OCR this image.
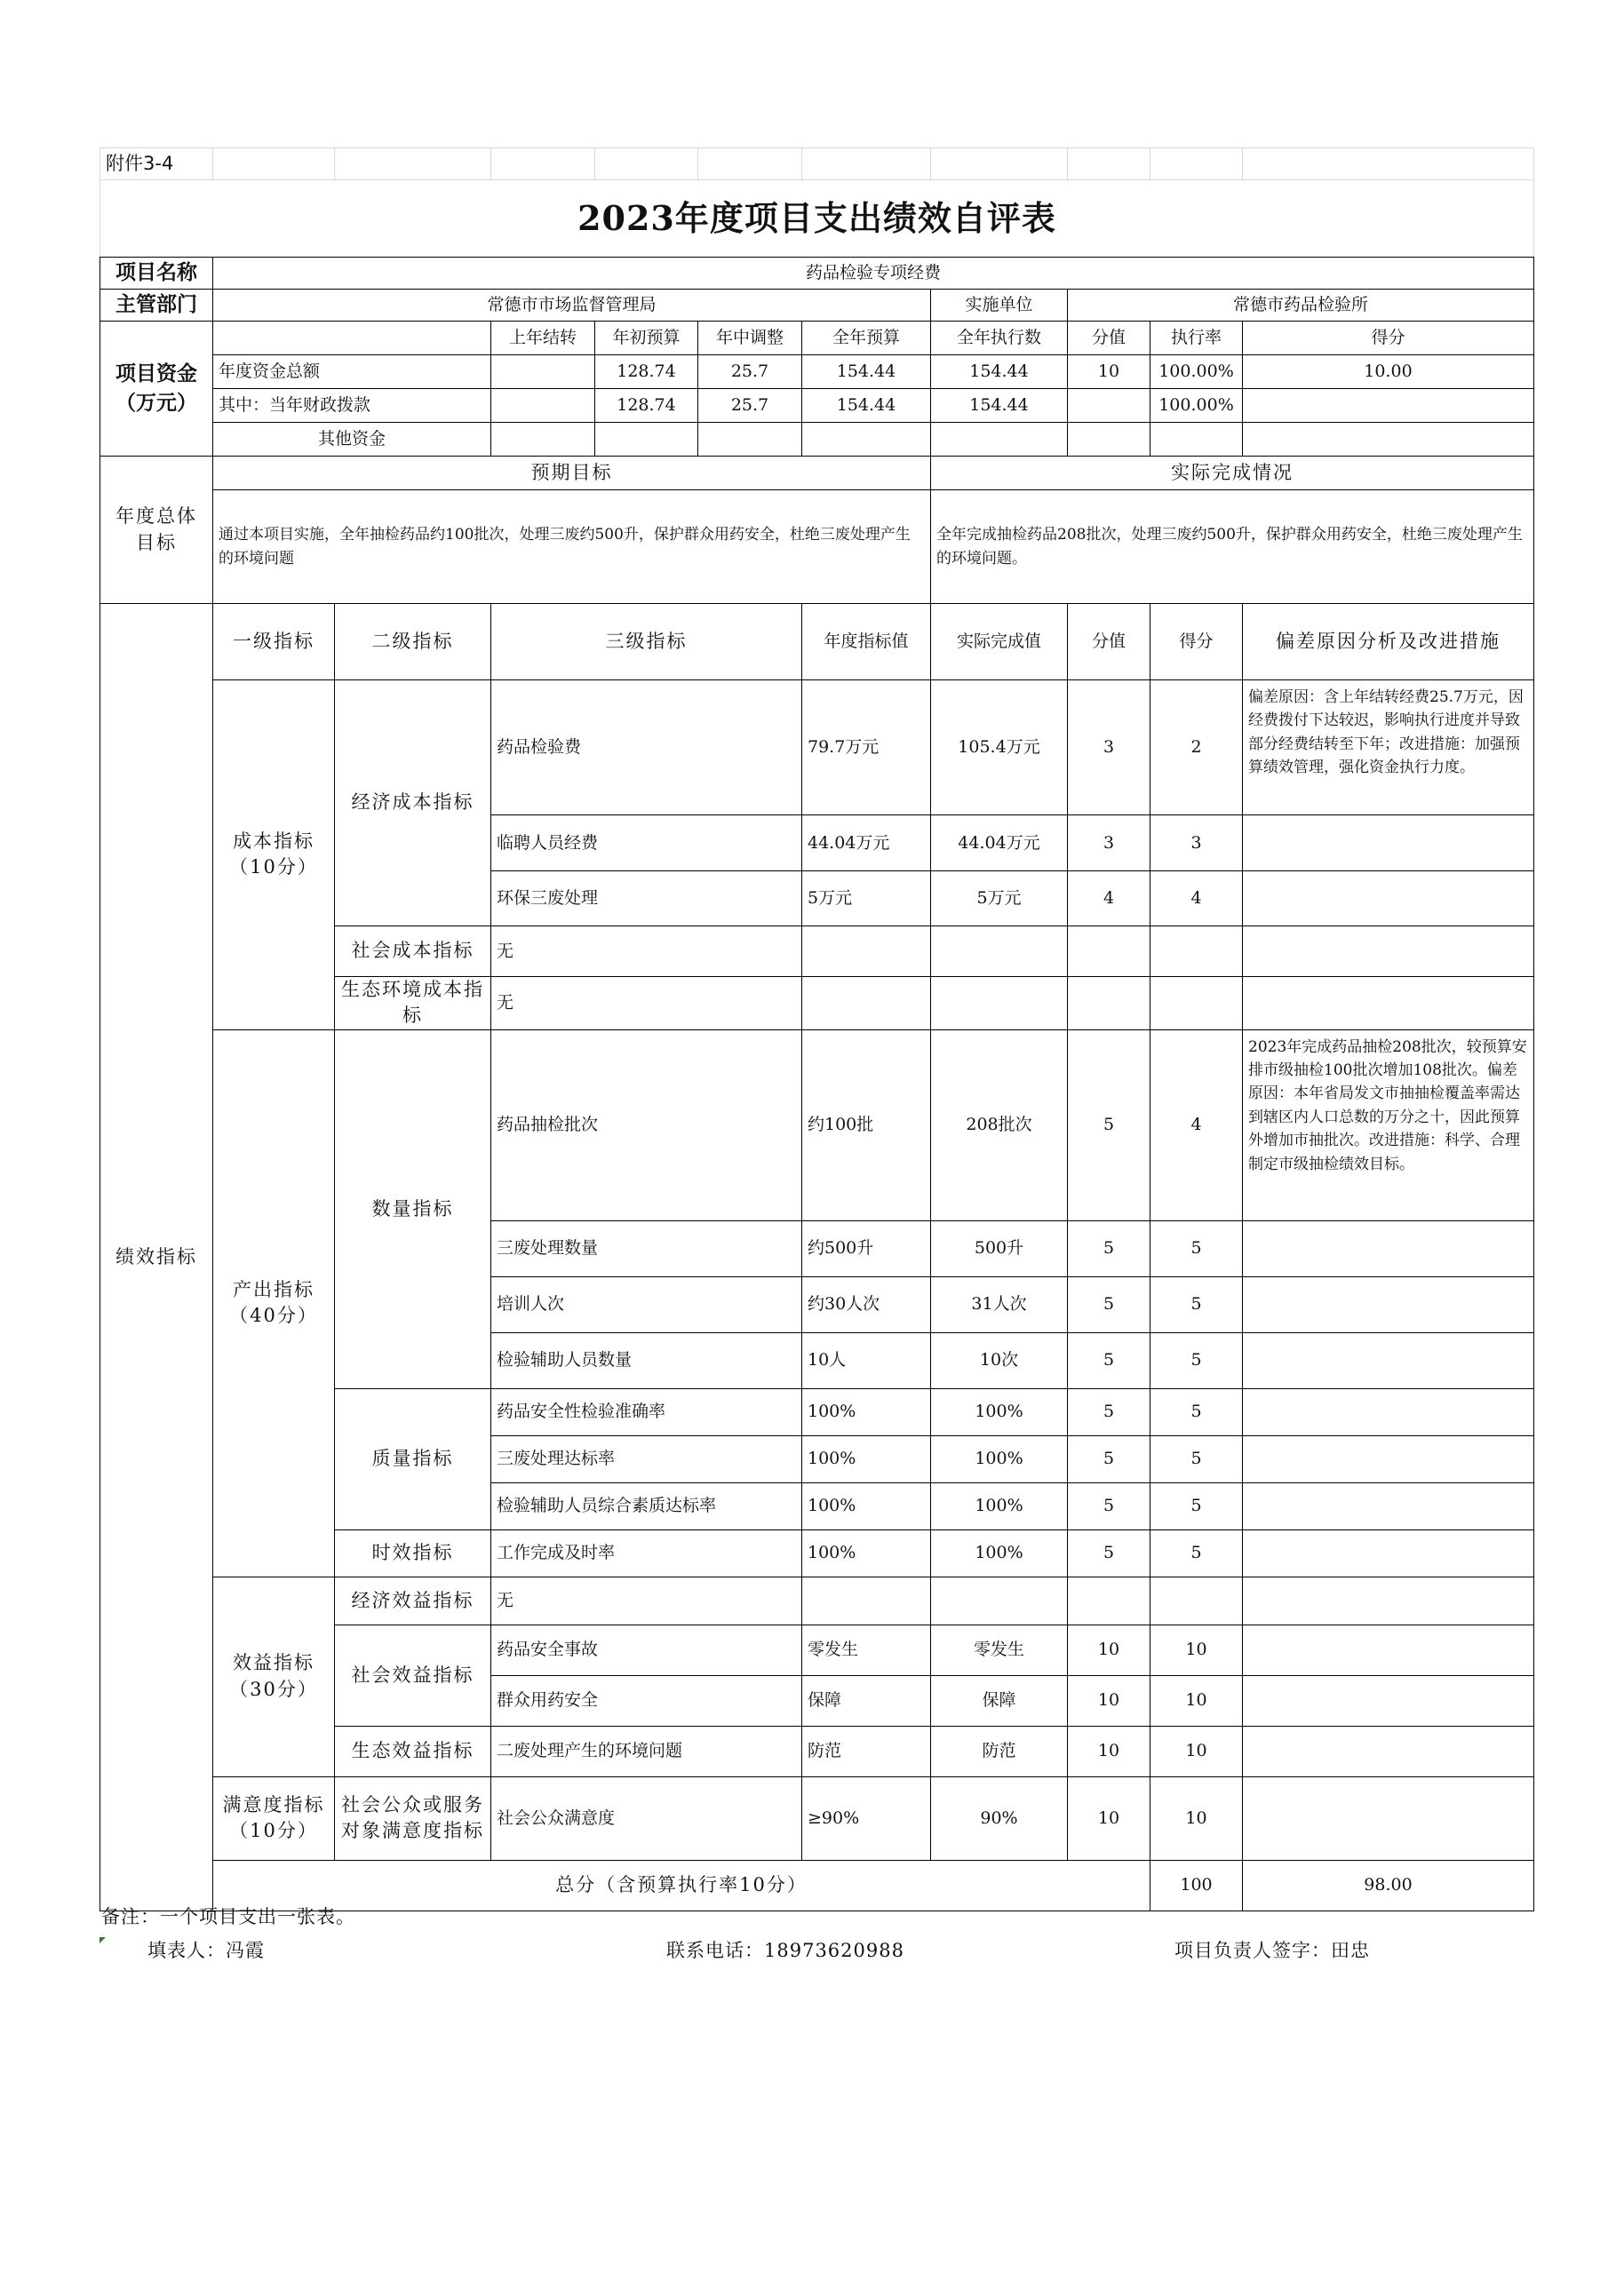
附件3-4											
2023年度项目支出绩效自评表											
项目名称	药品检验专项经费										
主管部门	常德市市场监督管理局						实施单位	常德市药品检验所			
项目资金（万元）			上年结转	年初预算	年中调整	全年预算	全年执行数	分值	执行率	得分	
	年度资金总额			128.74	25.7	154.44	154.44	10	100.00%	10.00	
	其中：当年财政拨款			128.74	25.7	154.44	154.44		100.00%		
	其他资金										
年度总体目标	预期目标						实际完成情况				
	通过本项目实施，全年抽检药品约100批次，处理三废约500升，保护群众用药安全，杜绝三废处理产生的环境问题						全年完成抽检药品208批次，处理三废约500升，保护群众用药安全，杜绝三废处理产生的环境问题。				
绩效指标	一级指标	二级指标	三级指标			年度指标值	实际完成值	分值	得分	偏差原因分析及改进措施	
	成本指标（10分）	经济成本指标	药品检验费			79.7万元	105.4万元	3	2	偏差原因：含上年结转经费25.7万元，因经费拨付下达较迟，影响执行进度并导致部分经费结转至下年；改进措施：加强预算绩效管理，强化资金执行力度。	
			临聘人员经费			44.04万元	44.04万元	3	3		
			环保三废处理			5万元	5万元	4	4		
		社会成本指标	无								
		生态环境成本指标	无								
	产出指标（40分）	数量指标	药品抽检批次			约100批	208批次	5	4	2023年完成药品抽检208批次，较预算安排市级抽检100批次增加108批次。偏差原因：本年省局发文市抽抽检覆盖率需达到辖区内人口总数的万分之十，因此预算外增加市抽批次。改进措施：科学、合理制定市级抽检绩效目标。	
			三废处理数量			约500升	500升	5	5		
			培训人次			约30人次	31人次	5	5		
			检验辅助人员数量			10人	10次	5	5		
		质量指标	药品安全性检验准确率			100%	100%	5	5		
			三废处理达标率			100%	100%	5	5		
			检验辅助人员综合素质达标率			100%	100%	5	5		
		时效指标	工作完成及时率			100%	100%	5	5		
	效益指标（30分）	经济效益指标	无								
		社会效益指标	药品安全事故			零发生	零发生	10	10		
			群众用药安全			保障	保障	10	10		
		生态效益指标	二废处理产生的环境问题			防范	防范	10	10		
	满意度指标（10分）	社会公众或服务对象满意度指标	社会公众满意度			≥90%	90%	10	10		
	总分（含预算执行率10分）								100	98.00	
备注：一个项目支出一张表。
填表人：冯霞	联系电话：18973620988	项目负责人签字：田忠
